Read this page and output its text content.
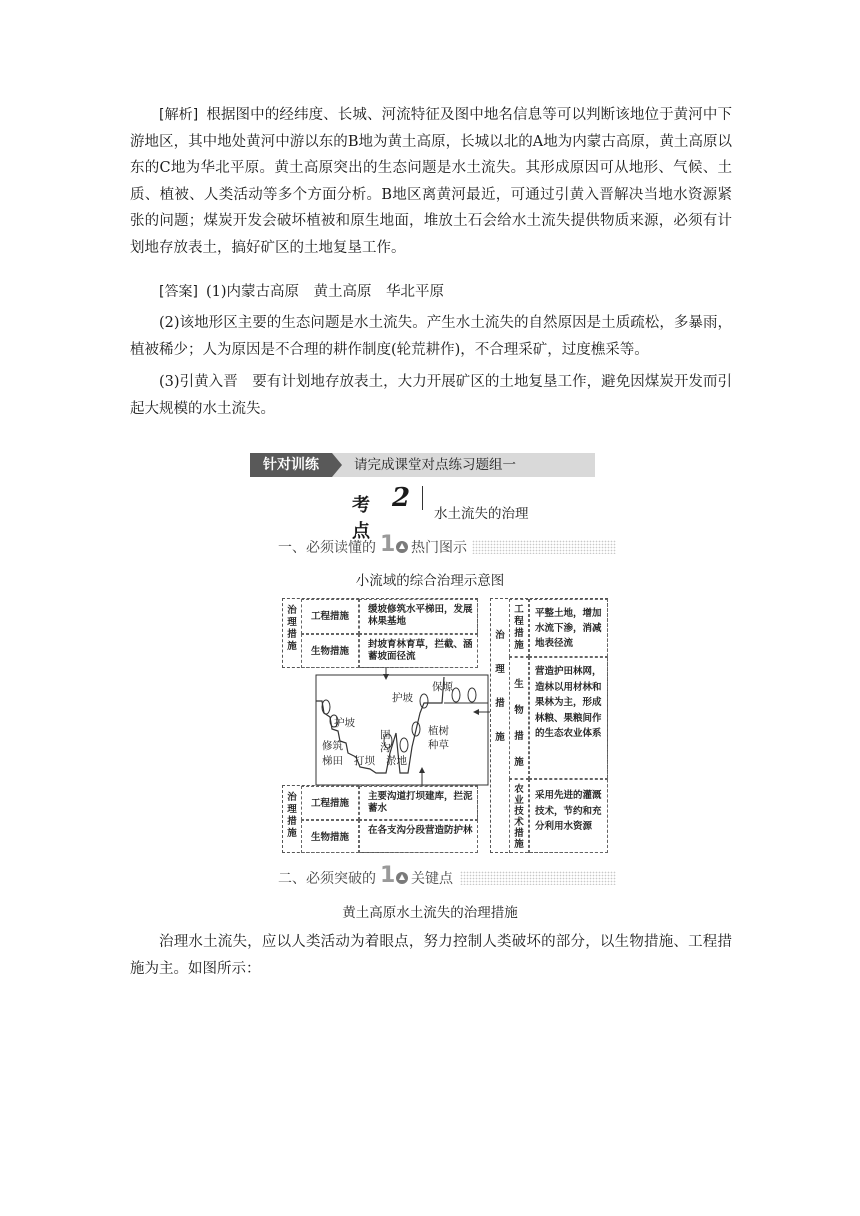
[解析] 根据图中的经纬度、长城、河流特征及图中地名信息等可以判断该地位于黄河中下游地区，其中地处黄河中游以东的B地为黄土高原，长城以北的A地为内蒙古高原，黄土高原以东的C地为华北平原。黄土高原突出的生态问题是水土流失。其形成原因可从地形、气候、土质、植被、人类活动等多个方面分析。B地区离黄河最近，可通过引黄入晋解决当地水资源紧张的问题；煤炭开发会破坏植被和原生地面，堆放土石会给水土流失提供物质来源，必须有计划地存放表土，搞好矿区的土地复垦工作。

[答案] (1)内蒙古高原　黄土高原　华北平原

(2)该地形区主要的生态问题是水土流失。产生水土流失的自然原因是土质疏松，多暴雨，植被稀少；人为原因是不合理的耕作制度(轮荒耕作)，不合理采矿，过度樵采等。

(3)引黄入晋　要有计划地存放表土，大力开展矿区的土地复垦工作，避免因煤炭开发而引起大规模的水土流失。

针对训练	请完成课堂对点练习题组一
考点
2
水土流失的治理
一、必须读懂的 1 热门图示
小流域的综合治理示意图
治理措施
工程措施
缓坡修筑水平梯田，发展林果基地
生物措施
封坡育林育草，拦截、涵蓄坡面径流
护坡
护坡
保塬
修筑
梯田
固
沟
打坝 淤地
植树
种草
治理措施
工程措施
主要沟道打坝建库，拦泥蓄水
生物措施
在各支沟分段营造防护林
治理措施
工程措施
平整土地，增加水流下渗，消减地表径流
生物措施
营造护田林网，造林以用材林和果林为主，形成林粮、果粮间作的生态农业体系
农业技术措施
采用先进的灌溉技术，节约和充分利用水资源
二、必须突破的 1 关键点
黄土高原水土流失的治理措施

治理水土流失，应以人类活动为着眼点，努力控制人类破坏的部分，以生物措施、工程措施为主。如图所示：
